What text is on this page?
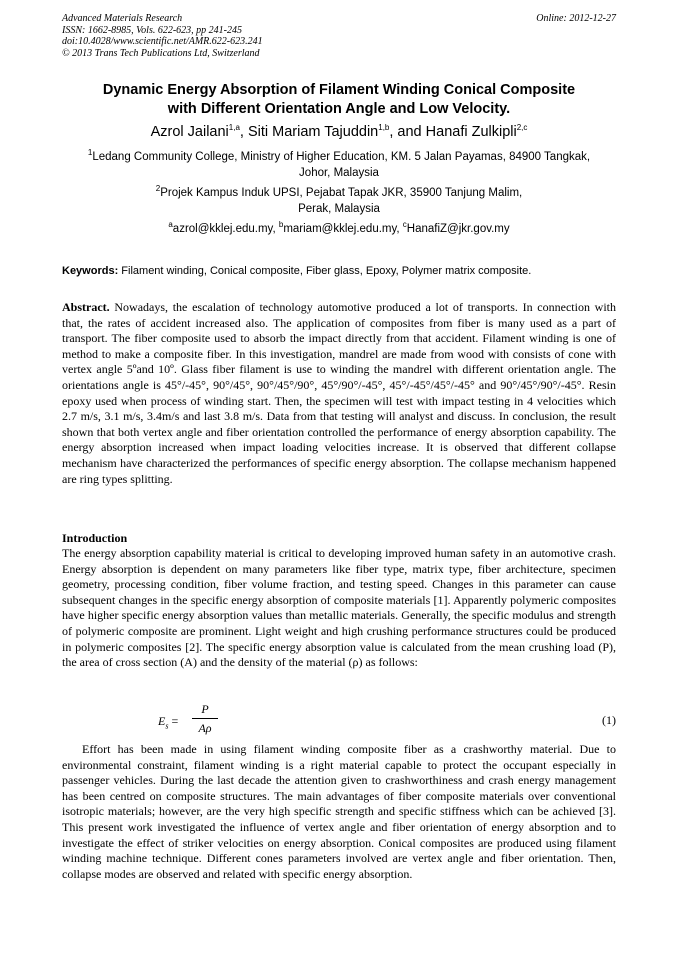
Advanced Materials Research
ISSN: 1662-8985, Vols. 622-623, pp 241-245
doi:10.4028/www.scientific.net/AMR.622-623.241
© 2013 Trans Tech Publications Ltd, Switzerland
Online: 2012-12-27
Dynamic Energy Absorption of Filament Winding Conical Composite
with Different Orientation Angle and Low Velocity.
Azrol Jailani$^{1,a}$, Siti Mariam Tajuddin$^{1,b}$, and Hanafi Zulkipli$^{2,c}$
$^1$Ledang Community College, Ministry of Higher Education, KM. 5 Jalan Payamas, 84900 Tangkak,
Johor, Malaysia
$^2$Projek Kampus Induk UPSI, Pejabat Tapak JKR, 35900 Tanjung Malim,
Perak, Malaysia
$^a$azrol@kklej.edu.my, $^b$mariam@kklej.edu.my, $^c$HanafiZ@jkr.gov.my
Keywords: Filament winding, Conical composite, Fiber glass, Epoxy, Polymer matrix composite.

Abstract. Nowadays, the escalation of technology automotive produced a lot of transports. In connection with that, the rates of accident increased also. The application of composites from fiber is many used as a part of transport. The fiber composite used to absorb the impact directly from that accident. Filament winding is one of method to make a composite fiber. In this investigation, mandrel are made from wood with consists of cone with vertex angle 5ºand 10º. Glass fiber filament is use to winding the mandrel with different orientation angle. The orientations angle is 45°/-45°, 90°/45°, 90°/45°/90°, 45°/90°/-45°, 45°/-45°/45°/-45° and 90°/45°/90°/-45°. Resin epoxy used when process of winding start. Then, the specimen will test with impact testing in 4 velocities which 2.7 m/s, 3.1 m/s, 3.4m/s and last 3.8 m/s. Data from that testing will analyst and discuss. In conclusion, the result shown that both vertex angle and fiber orientation controlled the performance of energy absorption capability. The energy absorption increased when impact loading velocities increase. It is observed that different collapse mechanism have characterized the performances of specific energy absorption. The collapse mechanism happened are ring types splitting.

Introduction

The energy absorption capability material is critical to developing improved human safety in an automotive crash. Energy absorption is dependent on many parameters like fiber type, matrix type, fiber architecture, specimen geometry, processing condition, fiber volume fraction, and testing speed. Changes in this parameter can cause subsequent changes in the specific energy absorption of composite materials [1]. Apparently polymeric composites have higher specific energy absorption values than metallic materials. Generally, the specific modulus and strength of polymeric composite are prominent. Light weight and high crushing performance structures could be produced in polymeric composites [2]. The specific energy absorption value is calculated from the mean crushing load (P), the area of cross section (A) and the density of the material (ρ) as follows:

$E_s$ =
P
Aρ
(1)

Effort has been made in using filament winding composite fiber as a crashworthy material. Due to environmental constraint, filament winding is a right material capable to protect the occupant especially in passenger vehicles. During the last decade the attention given to crashworthiness and crash energy management has been centred on composite structures. The main advantages of fiber composite materials over conventional isotropic materials; however, are the very high specific strength and specific stiffness which can be achieved [3]. This present work investigated the influence of vertex angle and fiber orientation of energy absorption and to investigate the effect of striker velocities on energy absorption. Conical composites are produced using filament winding machine technique. Different cones parameters involved are vertex angle and fiber orientation. Then, collapse modes are observed and related with specific energy absorption.
